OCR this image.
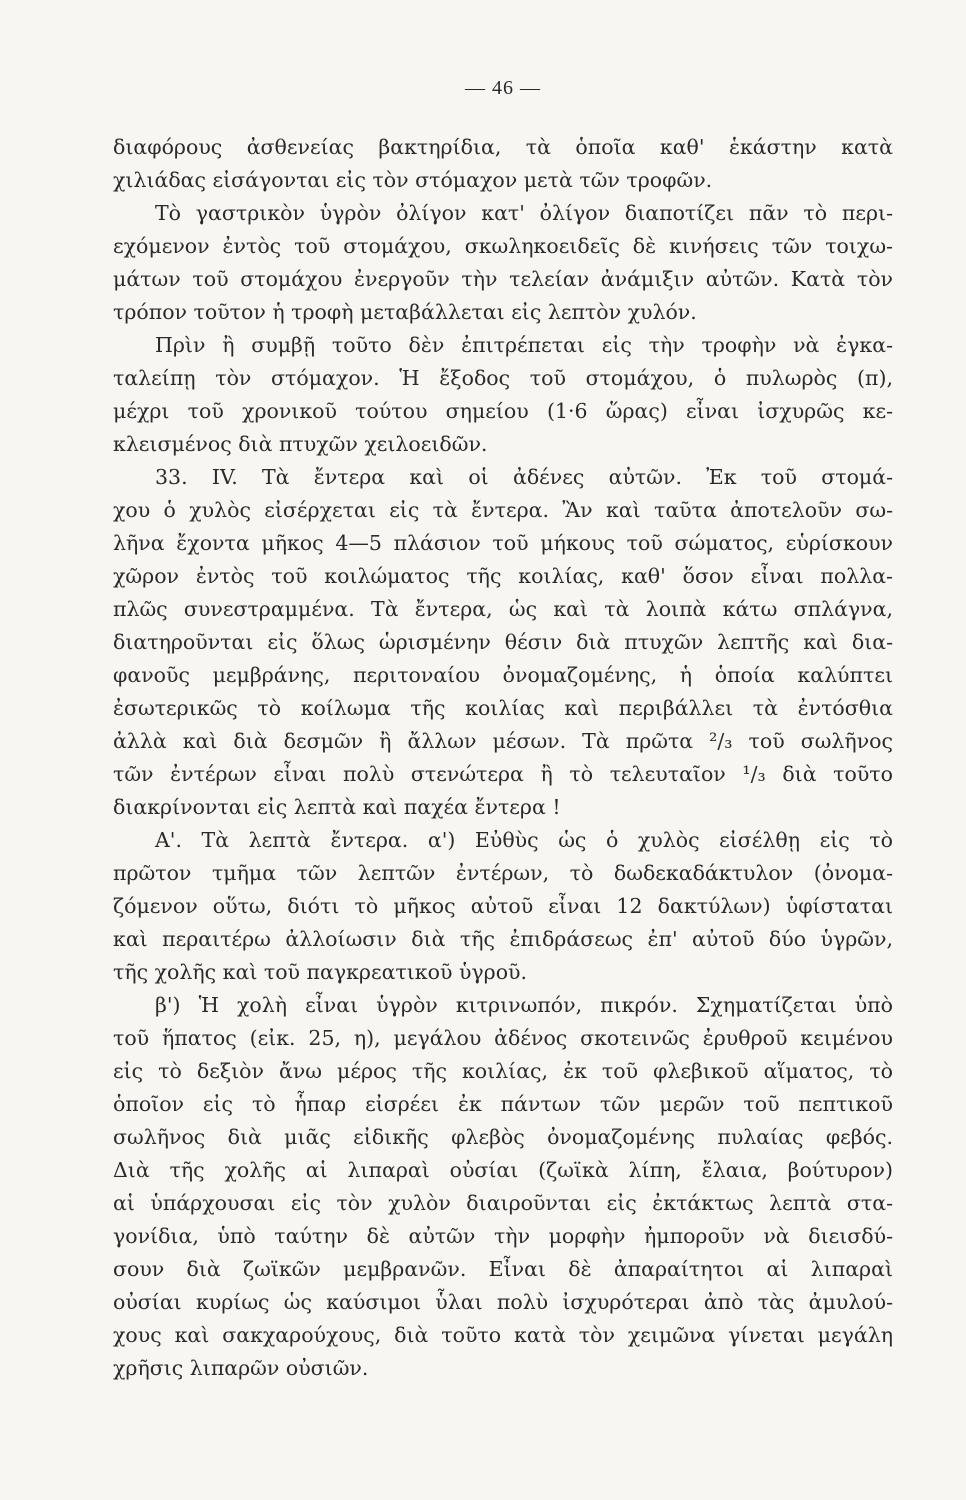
— 46 —
διαφόρους ἀσθενείας βακτηρίδια, τὰ ὁποῖα καθ' ἑκάστην κατὰ
χιλιάδας εἰσάγονται εἰς τὸν στόμαχον μετὰ τῶν τροφῶν.
Τὸ γαστρικὸν ὑγρὸν ὀλίγον κατ' ὀλίγον διαποτίζει πᾶν τὸ περι-
εχόμενον ἐντὸς τοῦ στομάχου, σκωληκοειδεῖς δὲ κινήσεις τῶν τοιχω-
μάτων τοῦ στομάχου ἐνεργοῦν τὴν τελείαν ἀνάμιξιν αὐτῶν. Κατὰ τὸν
τρόπον τοῦτον ἡ τροφὴ μεταβάλλεται εἰς λεπτὸν χυλόν.
Πρὶν ἢ συμβῇ τοῦτο δὲν ἐπιτρέπεται εἰς τὴν τροφὴν νὰ ἐγκα-
ταλείπῃ τὸν στόμαχον. Ἡ ἔξοδος τοῦ στομάχου, ὁ πυλωρὸς (π),
μέχρι τοῦ χρονικοῦ τούτου σημείου (1·6 ὥρας) εἶναι ἰσχυρῶς κε-
κλεισμένος διὰ πτυχῶν χειλοειδῶν.
33. IV. Τὰ ἔντερα καὶ οἱ ἀδένες αὐτῶν. Ἐκ τοῦ στομά-
χου ὁ χυλὸς εἰσέρχεται εἰς τὰ ἔντερα. Ἂν καὶ ταῦτα ἀποτελοῦν σω-
λῆνα ἔχοντα μῆκος 4—5 πλάσιον τοῦ μήκους τοῦ σώματος, εὑρίσκουν
χῶρον ἐντὸς τοῦ κοιλώματος τῆς κοιλίας, καθ' ὅσον εἶναι πολλα-
πλῶς συνεστραμμένα. Τὰ ἔντερα, ὡς καὶ τὰ λοιπὰ κάτω σπλάγνα,
διατηροῦνται εἰς ὅλως ὡρισμένην θέσιν διὰ πτυχῶν λεπτῆς καὶ δια-
φανοῦς μεμβράνης, περιτοναίου ὀνομαζομένης, ἡ ὁποία καλύπτει
ἐσωτερικῶς τὸ κοίλωμα τῆς κοιλίας καὶ περιβάλλει τὰ ἐντόσθια
ἀλλὰ καὶ διὰ δεσμῶν ἢ ἄλλων μέσων. Τὰ πρῶτα ²/₃ τοῦ σωλῆνος
τῶν ἐντέρων εἶναι πολὺ στενώτερα ἢ τὸ τελευταῖον ¹/₃ διὰ τοῦτο
διακρίνονται εἰς λεπτὰ καὶ παχέα ἔντερα !
Α'. Τὰ λεπτὰ ἔντερα. α') Εὐθὺς ὡς ὁ χυλὸς εἰσέλθῃ εἰς τὸ
πρῶτον τμῆμα τῶν λεπτῶν ἐντέρων, τὸ δωδεκαδάκτυλον (ὀνομα-
ζόμενον οὕτω, διότι τὸ μῆκος αὐτοῦ εἶναι 12 δακτύλων) ὑφίσταται
καὶ περαιτέρω ἀλλοίωσιν διὰ τῆς ἐπιδράσεως ἐπ' αὐτοῦ δύο ὑγρῶν,
τῆς χολῆς καὶ τοῦ παγκρεατικοῦ ὑγροῦ.
β') Ἡ χολὴ εἶναι ὑγρὸν κιτρινωπόν, πικρόν. Σχηματίζεται ὑπὸ
τοῦ ἥπατος (εἰκ. 25, η), μεγάλου ἀδένος σκοτεινῶς ἐρυθροῦ κειμένου
εἰς τὸ δεξιὸν ἄνω μέρος τῆς κοιλίας, ἐκ τοῦ φλεβικοῦ αἵματος, τὸ
ὁποῖον εἰς τὸ ἧπαρ εἰσρέει ἐκ πάντων τῶν μερῶν τοῦ πεπτικοῦ
σωλῆνος διὰ μιᾶς εἰδικῆς φλεβὸς ὀνομαζομένης πυλαίας φεβός.
Διὰ τῆς χολῆς αἱ λιπαραὶ οὐσίαι (ζωϊκὰ λίπη, ἔλαια, βούτυρον)
αἱ ὑπάρχουσαι εἰς τὸν χυλὸν διαιροῦνται εἰς ἐκτάκτως λεπτὰ στα-
γονίδια, ὑπὸ ταύτην δὲ αὐτῶν τὴν μορφὴν ἠμποροῦν νὰ διεισδύ-
σουν διὰ ζωϊκῶν μεμβρανῶν. Εἶναι δὲ ἀπαραίτητοι αἱ λιπαραὶ
οὐσίαι κυρίως ὡς καύσιμοι ὗλαι πολὺ ἰσχυρότεραι ἀπὸ τὰς ἀμυλού-
χους καὶ σακχαρούχους, διὰ τοῦτο κατὰ τὸν χειμῶνα γίνεται μεγάλη
χρῆσις λιπαρῶν οὐσιῶν.
